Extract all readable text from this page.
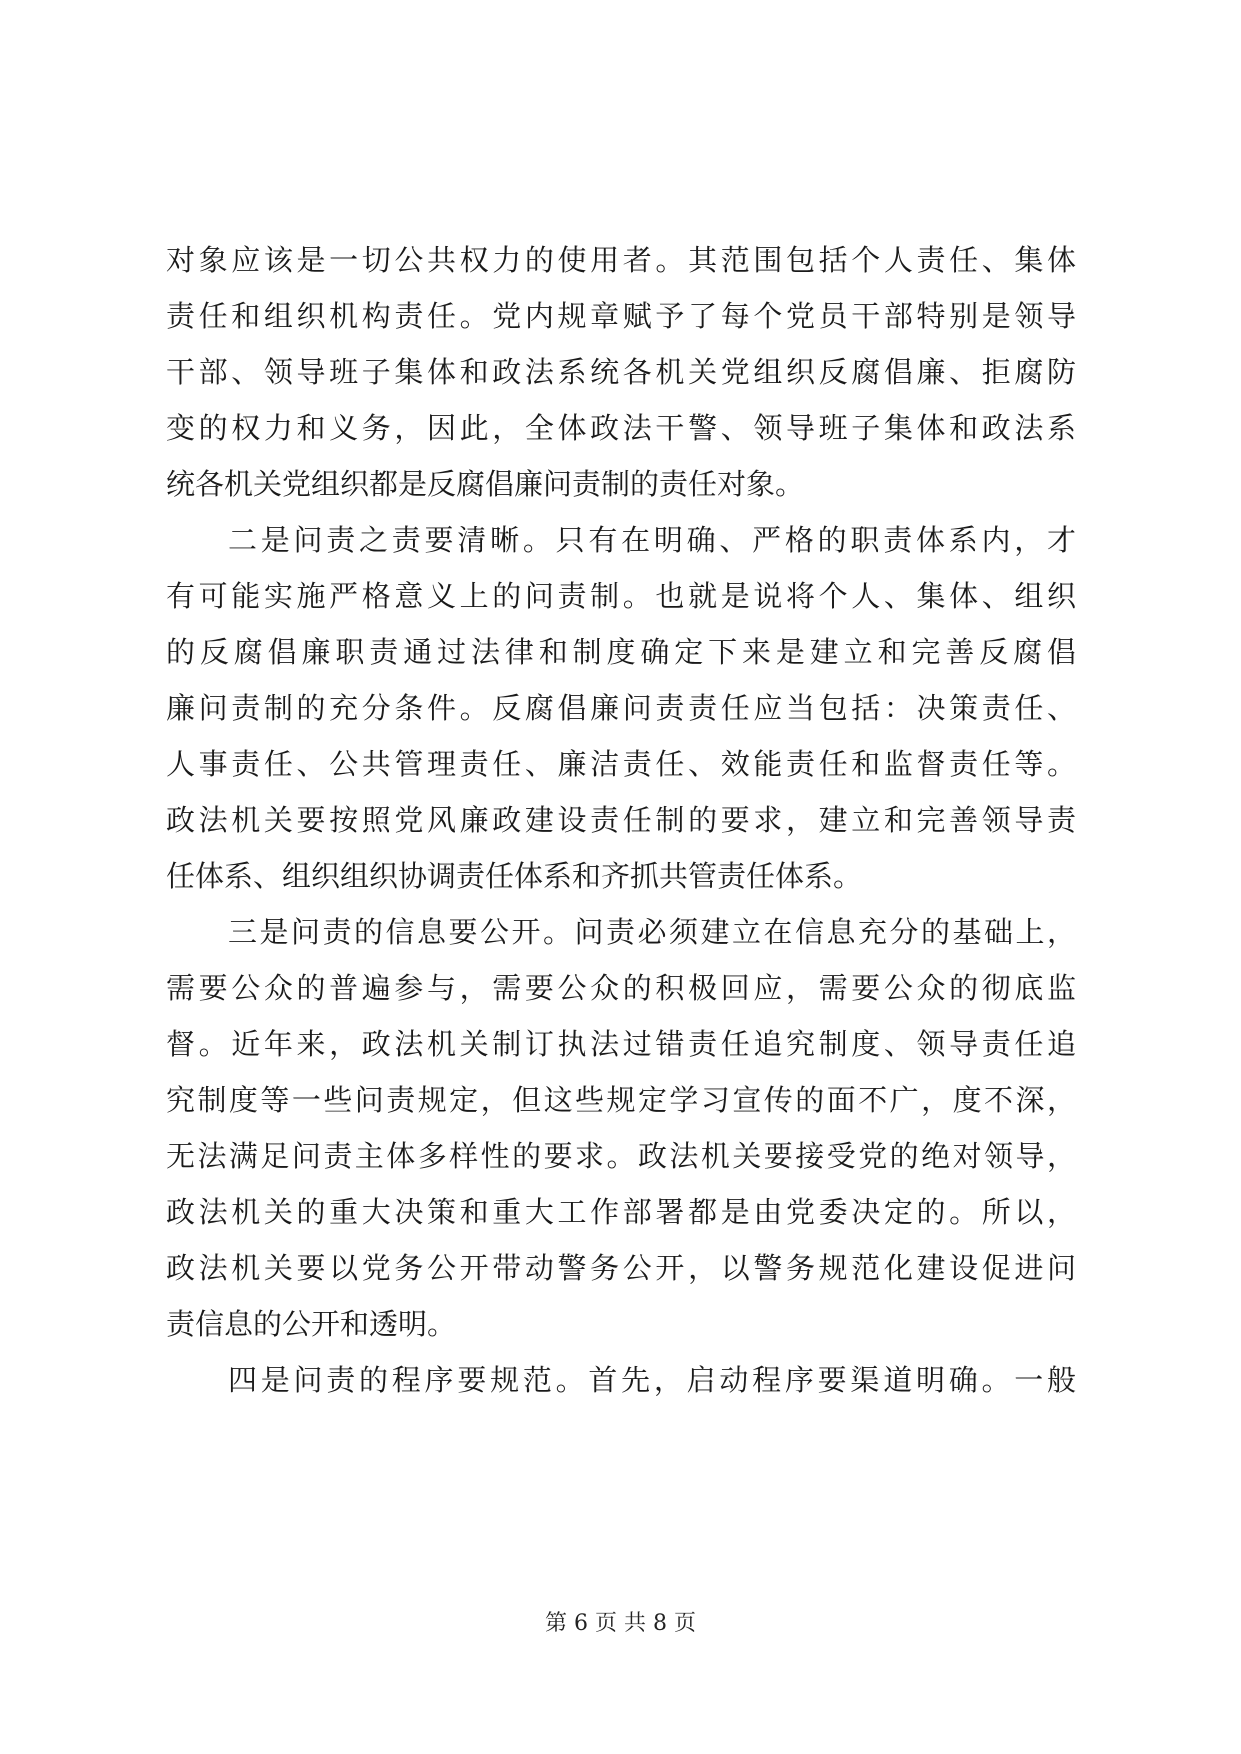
对象应该是一切公共权力的使用者。其范围包括个人责任、集体
责任和组织机构责任。党内规章赋予了每个党员干部特别是领导
干部、领导班子集体和政法系统各机关党组织反腐倡廉、拒腐防
变的权力和义务，因此，全体政法干警、领导班子集体和政法系
统各机关党组织都是反腐倡廉问责制的责任对象。
二是问责之责要清晰。只有在明确、严格的职责体系内，才
有可能实施严格意义上的问责制。也就是说将个人、集体、组织
的反腐倡廉职责通过法律和制度确定下来是建立和完善反腐倡
廉问责制的充分条件。反腐倡廉问责责任应当包括：决策责任、
人事责任、公共管理责任、廉洁责任、效能责任和监督责任等。
政法机关要按照党风廉政建设责任制的要求，建立和完善领导责
任体系、组织组织协调责任体系和齐抓共管责任体系。
三是问责的信息要公开。问责必须建立在信息充分的基础上，
需要公众的普遍参与，需要公众的积极回应，需要公众的彻底监
督。近年来，政法机关制订执法过错责任追究制度、领导责任追
究制度等一些问责规定，但这些规定学习宣传的面不广，度不深，
无法满足问责主体多样性的要求。政法机关要接受党的绝对领导，
政法机关的重大决策和重大工作部署都是由党委决定的。所以，
政法机关要以党务公开带动警务公开，以警务规范化建设促进问
责信息的公开和透明。
四是问责的程序要规范。首先，启动程序要渠道明确。一般
第 6 页 共 8 页
